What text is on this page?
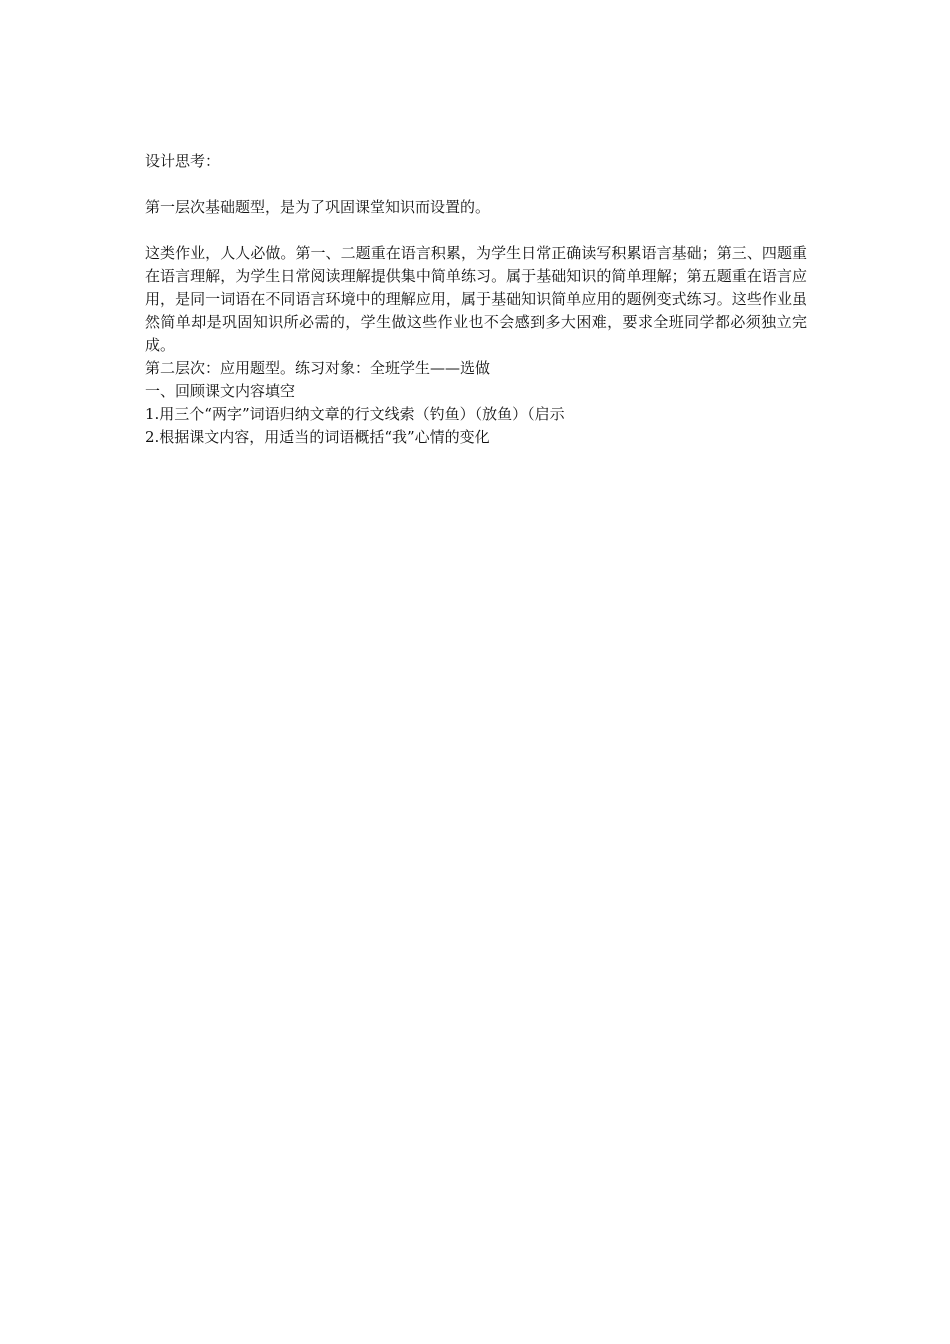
设计思考：

第一层次基础题型，是为了巩固课堂知识而设置的。

这类作业，人人必做。第一、二题重在语言积累，为学生日常正确读写积累语言基础；第三、四题重在语言理解，为学生日常阅读理解提供集中简单练习。属于基础知识的简单理解；第五题重在语言应用，是同一词语在不同语言环境中的理解应用，属于基础知识简单应用的题例变式练习。这些作业虽然简单却是巩固知识所必需的，学生做这些作业也不会感到多大困难，要求全班同学都必须独立完成。

第二层次：应用题型。练习对象：全班学生——选做

一、回顾课文内容填空

1.用三个“两字”词语归纳文章的行文线索（钓鱼）（放鱼）（启示

2.根据课文内容，用适当的词语概括“我”心情的变化
